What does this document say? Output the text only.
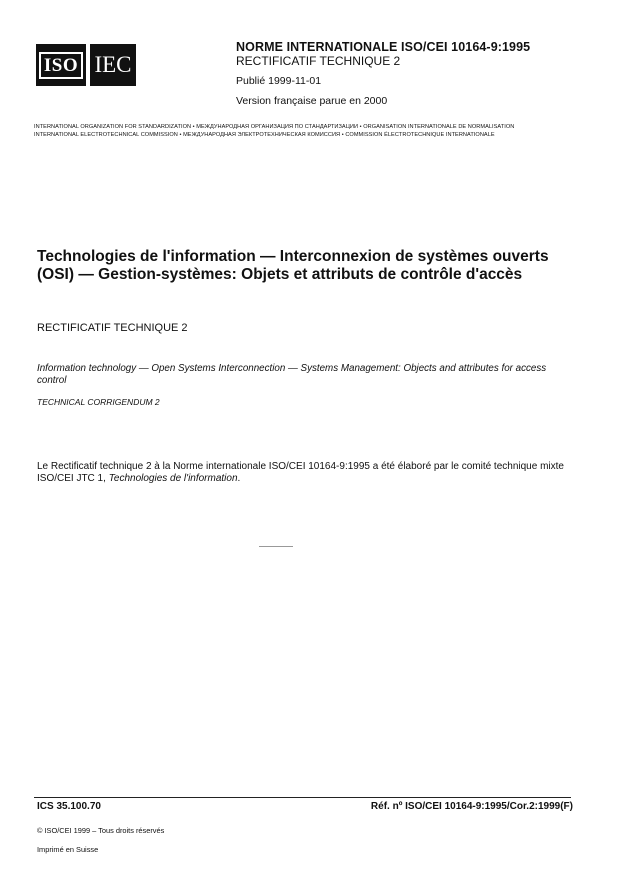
ISO IEC
NORME INTERNATIONALE ISO/CEI 10164-9:1995
RECTIFICATIF TECHNIQUE 2
Publié 1999-11-01
Version française parue en 2000
INTERNATIONAL ORGANIZATION FOR STANDARDIZATION • МЕЖДУНАРОДНАЯ ОРГАНИЗАЦИЯ ПО СТАНДАРТИЗАЦИИ • ORGANISATION INTERNATIONALE DE NORMALISATION
INTERNATIONAL ELECTROTECHNICAL COMMISSION • МЕЖДУНАРОДНАЯ ЭЛЕКТРОТЕХНИЧЕСКАЯ КОМИССИЯ • COMMISSION ÉLECTROTECHNIQUE INTERNATIONALE
Technologies de l'information — Interconnexion de systèmes ouverts (OSI) — Gestion-systèmes: Objets et attributs de contrôle d'accès
RECTIFICATIF TECHNIQUE 2
Information technology — Open Systems Interconnection — Systems Management: Objects and attributes for access control
TECHNICAL CORRIGENDUM 2
Le Rectificatif technique 2 à la Norme internationale ISO/CEI 10164-9:1995 a été élaboré par le comité technique mixte ISO/CEI JTC 1, Technologies de l'information.
ICS 35.100.70	Réf. nº ISO/CEI 10164-9:1995/Cor.2:1999(F)
© ISO/CEI 1999 – Tous droits réservés
Imprimé en Suisse
